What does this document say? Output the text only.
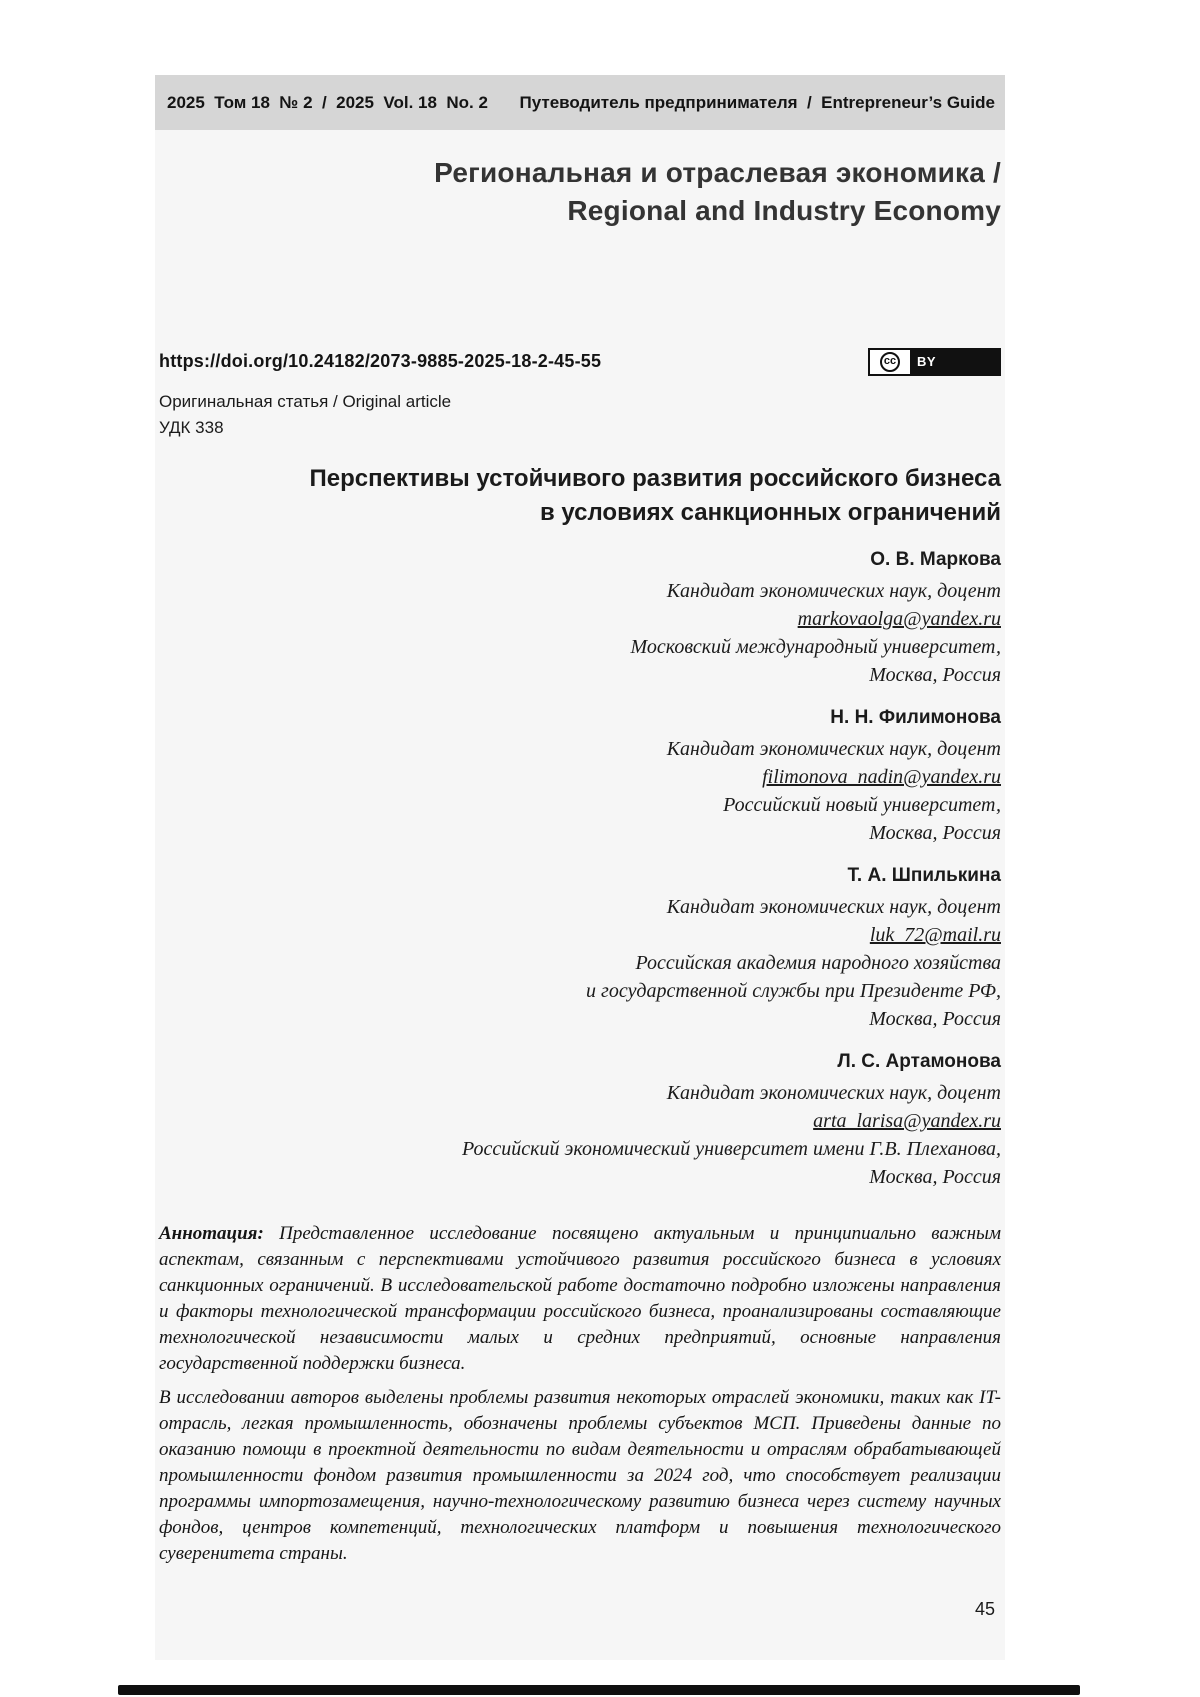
2025  Том 18  № 2  /  2025  Vol. 18  No. 2 Путеводитель предпринимателя  /  Entrepreneur’s Guide
Региональная и отраслевая экономика /
Regional and Industry Economy
https://doi.org/10.24182/2073-9885-2025-18-2-45-55	cc	BY
Оригинальная статья / Original article
УДК 338
Перспективы устойчивого развития российского бизнеса
в условиях санкционных ограничений
О. В. Маркова
Кандидат экономических наук, доцент
markovaolga@yandex.ru
Московский международный университет,
Москва, Россия
Н. Н. Филимонова
Кандидат экономических наук, доцент
filimonova_nadin@yandex.ru
Российский новый университет,
Москва, Россия
Т. А. Шпилькина
Кандидат экономических наук, доцент
luk_72@mail.ru
Российская академия народного хозяйства
и государственной службы при Президенте РФ,
Москва, Россия
Л. С. Артамонова
Кандидат экономических наук, доцент
arta_larisa@yandex.ru
Российский экономический университет имени Г.В. Плеханова,
Москва, Россия

Аннотация: Представленное исследование посвящено актуальным и принципиально важным аспектам, связанным с перспективами устойчивого развития российского бизнеса в условиях санкционных ограничений. В исследовательской работе достаточно подробно изложены направления и факторы технологической трансформации российского бизнеса, проанализированы составляющие технологической независимости малых и средних предприятий, основные направления государственной поддержки бизнеса.

В исследовании авторов выделены проблемы развития некоторых отраслей экономики, таких как IT-отрасль, легкая промышленность, обозначены проблемы субъектов МСП. Приведены данные по оказанию помощи в проектной деятельности по видам деятельности и отраслям обрабатывающей промышленности фондом развития промышленности за 2024 год, что способствует реализации программы импортозамещения, научно-технологическому развитию бизнеса через систему научных фондов, центров компетенций, технологических платформ и повышения технологического суверенитета страны.

45
